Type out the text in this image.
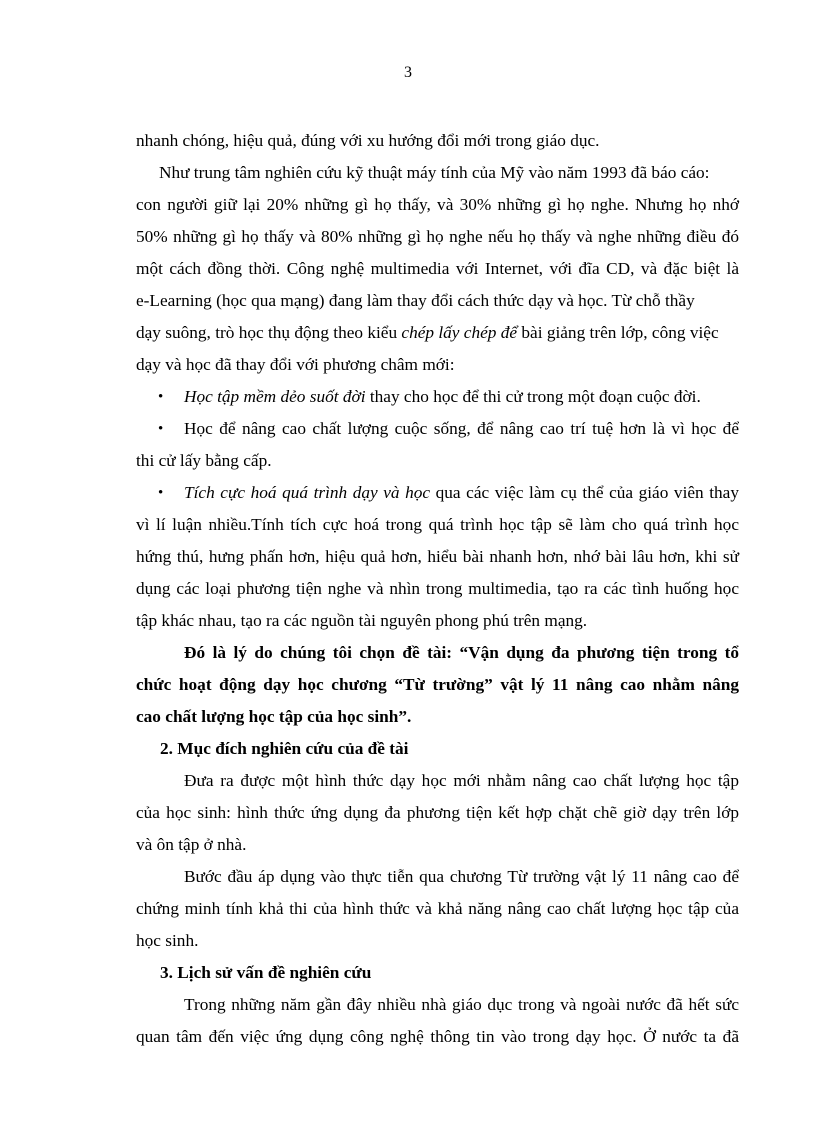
3
nhanh chóng, hiệu quả, đúng với xu hướng đổi mới trong giáo dục.
Như trung tâm nghiên cứu kỹ thuật máy tính của Mỹ vào năm 1993 đã báo cáo:
con người giữ lại 20% những gì họ thấy, và 30% những gì họ nghe. Nhưng họ nhớ
50% những gì họ thấy và 80% những gì họ nghe nếu họ thấy và nghe những điều đó
một cách đồng thời. Công nghệ multimedia với Internet, với đĩa CD, và đặc biệt là
e-Learning (học qua mạng) đang làm thay đổi cách thức dạy và học. Từ chỗ thầy
dạy suông, trò học thụ động theo kiểu chép lấy chép để bài giảng trên lớp, công việc
dạy và học đã thay đổi với phương châm mới:
• Học tập mềm dẻo suốt đời thay cho học để thi cử trong một đoạn cuộc đời.
• Học để nâng cao chất lượng cuộc sống, để nâng cao trí tuệ hơn là vì học để
thi cử lấy bằng cấp.
• Tích cực hoá quá trình dạy và học qua các việc làm cụ thể của giáo viên thay
vì lí luận nhiều.Tính tích cực hoá trong quá trình học tập sẽ làm cho quá trình học
hứng thú, hưng phấn hơn, hiệu quả hơn, hiểu bài nhanh hơn, nhớ bài lâu hơn, khi sử
dụng các loại phương tiện nghe và nhìn trong multimedia, tạo ra các tình huống học
tập khác nhau, tạo ra các nguồn tài nguyên phong phú trên mạng.
Đó là lý do chúng tôi chọn đề tài: “Vận dụng đa phương tiện trong tổ
chức hoạt động dạy học chương “Từ trường” vật lý 11 nâng cao nhằm nâng
cao chất lượng học tập của học sinh”.
2. Mục đích nghiên cứu của đề tài
Đưa ra được một hình thức dạy học mới nhằm nâng cao chất lượng học tập
của học sinh: hình thức ứng dụng đa phương tiện kết hợp chặt chẽ giờ dạy trên lớp
và ôn tập ở nhà.
Bước đầu áp dụng vào thực tiễn qua chương Từ trường vật lý 11 nâng cao để
chứng minh tính khả thi của hình thức và khả năng nâng cao chất lượng học tập của
học sinh.
3. Lịch sử vấn đề nghiên cứu
Trong những năm gần đây nhiều nhà giáo dục trong và ngoài nước đã hết sức
quan tâm đến việc ứng dụng công nghệ thông tin vào trong dạy học. Ở nước ta đã
